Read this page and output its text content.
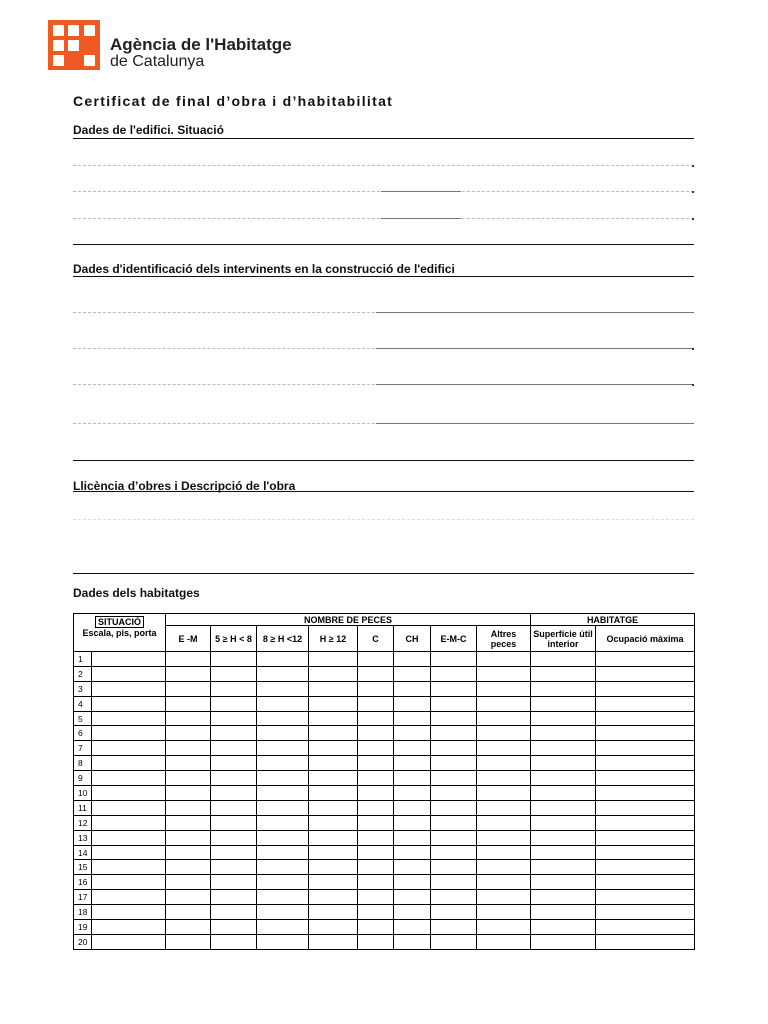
Agència de l'Habitatge
de Catalunya
Certificat de final d’obra i d’habitabilitat
Dades de l'edifici. Situació
Dades d'identificació dels intervinents en la construcció de l'edifici
Llicència d’obres i Descripció de l'obra
Dades dels habitatges
SITUACIÓ
Escala, pis, porta		NOMBRE DE PECES								HABITATGE	
		E -M	5 ≥ H < 8	8 ≥ H <12	H ≥ 12	C	CH	E-M-C	Altres peces	Superfície útil interior	Ocupació màxima
1											
2											
3											
4											
5											
6											
7											
8											
9											
10											
11											
12											
13											
14											
15											
16											
17											
18											
19											
20											
